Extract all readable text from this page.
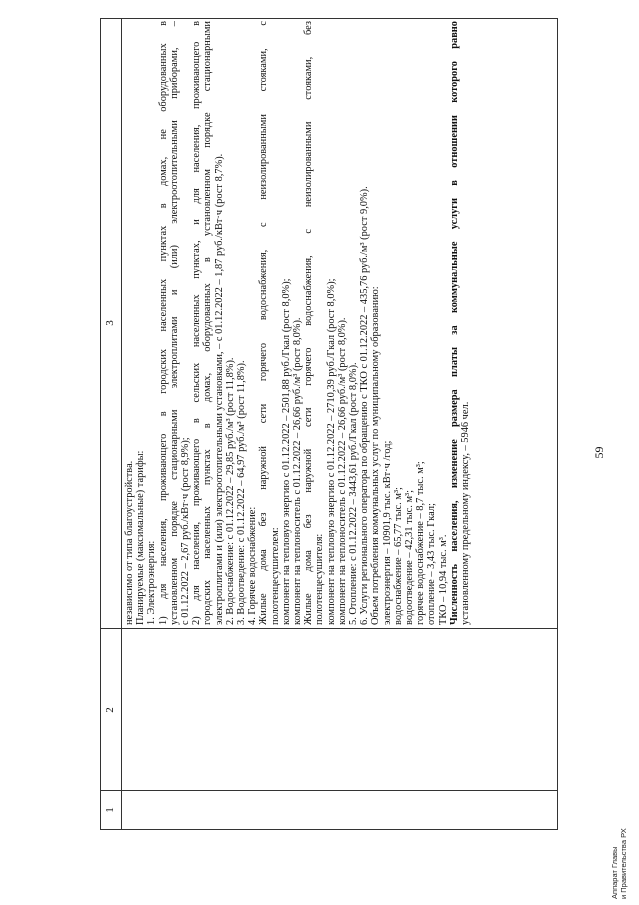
59
1
2
3
независимо от типа благоустройства. Планируемые (максимальные) тарифы: 1. Электроэнергия: 1) для населения, проживающего в городских населенных пунктах в домах, не оборудованных в установленном порядке стационарными электроплитами и (или) электроотопительными приборами, – с 01.12.2022 – 2,67 руб./кВт·ч (рост 8,9%); 2) для населения, проживающего в сельских населенных пунктах, и для населения, проживающего в городских населенных пунктах в домах, оборудованных в установленном порядке стационарными электроплитами и (или) электроотопительными установками, – с 01.12.2022 – 1,87 руб./кВт·ч (рост 8,7%). 2. Водоснабжение: с 01.12.2022 – 29,85 руб./м³ (рост 11,8%). 3. Водоотведение: с 01.12.2022 – 64,97 руб./м³ (рост 11,8%). 4. Горячее водоснабжение: Жилые дома без наружной сети горячего водоснабжения, с неизолированными стояками, с полотенцесушителем: компонент на тепловую энергию с 01.12.2022 – 2501,88 руб./Гкал (рост 8,0%); компонент на теплоноситель с 01.12.2022 – 26,66 руб./м³ (рост 8,0%). Жилые дома без наружной сети горячего водоснабжения, с неизолированными стояками, без полотенцесушителя: компонент на тепловую энергию с 01.12.2022 – 2710,39 руб./Гкал (рост 8,0%); компонент на теплоноситель с 01.12.2022 – 26,66 руб./м³ (рост 8,0%). 5. Отопление: с 01.12.2022 – 3443,61 руб./Гкал (рост 8,0%). 6. Услуги регионального оператора по обращению с ТКО с 01.12.2022 – 435,76 руб./м³ (рост 9,0%). Объем потребления коммунальных услуг по муниципальному образованию: электроэнергия – 10901,9 тыс. кВт·ч /год; водоснабжение – 65,77 тыс. м³; водоотведение – 42,31 тыс. м³; горячее водоснабжение – 8,7 тыс. м³; отопление – 3,43 тыс. Гкал; ТКО – 10,94 тыс. м³. Численность населения, изменение размера платы за коммунальные услуги в отношении которого равно установленному предельному индексу, – 5946 чел.
Аппарат Главы и Правительства РХ
